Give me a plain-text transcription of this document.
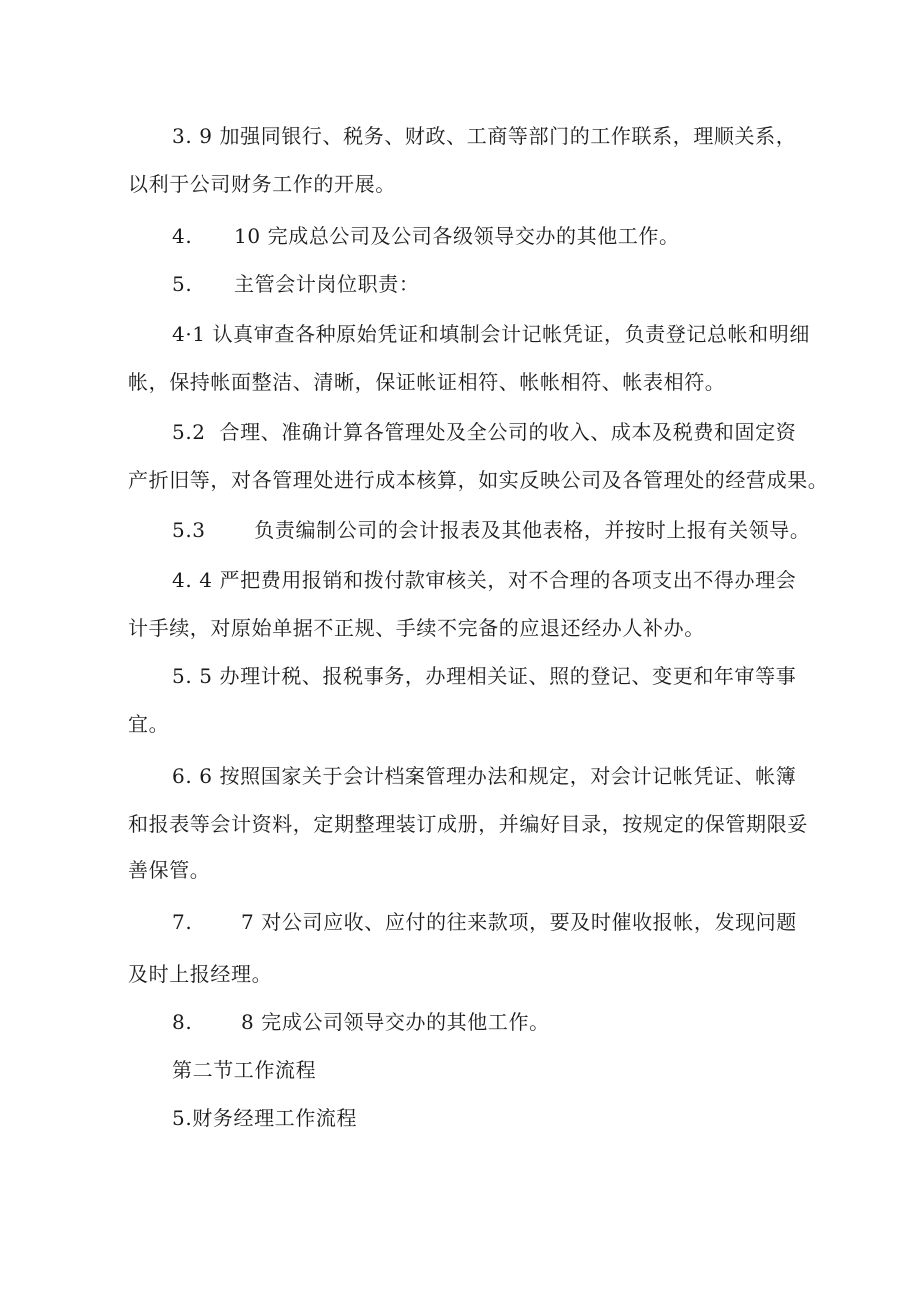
3. 9 加强同银行、税务、财政、工商等部门的工作联系，理顺关系，
以利于公司财务工作的开展。
4.      10 完成总公司及公司各级领导交办的其他工作。
5.      主管会计岗位职责：
4·1 认真审查各种原始凭证和填制会计记帐凭证，负责登记总帐和明细
帐，保持帐面整洁、清晰，保证帐证相符、帐帐相符、帐表相符。
5.2  合理、准确计算各管理处及全公司的收入、成本及税费和固定资
产折旧等，对各管理处进行成本核算，如实反映公司及各管理处的经营成果。
5.3       负责编制公司的会计报表及其他表格，并按时上报有关领导。
4. 4 严把费用报销和拨付款审核关，对不合理的各项支出不得办理会
计手续，对原始单据不正规、手续不完备的应退还经办人补办。
5. 5 办理计税、报税事务，办理相关证、照的登记、变更和年审等事
宜。
6. 6 按照国家关于会计档案管理办法和规定，对会计记帐凭证、帐簿
和报表等会计资料，定期整理装订成册，并编好目录，按规定的保管期限妥
善保管。
7.       7 对公司应收、应付的往来款项，要及时催收报帐，发现问题
及时上报经理。
8.       8 完成公司领导交办的其他工作。
第二节工作流程
5.财务经理工作流程
